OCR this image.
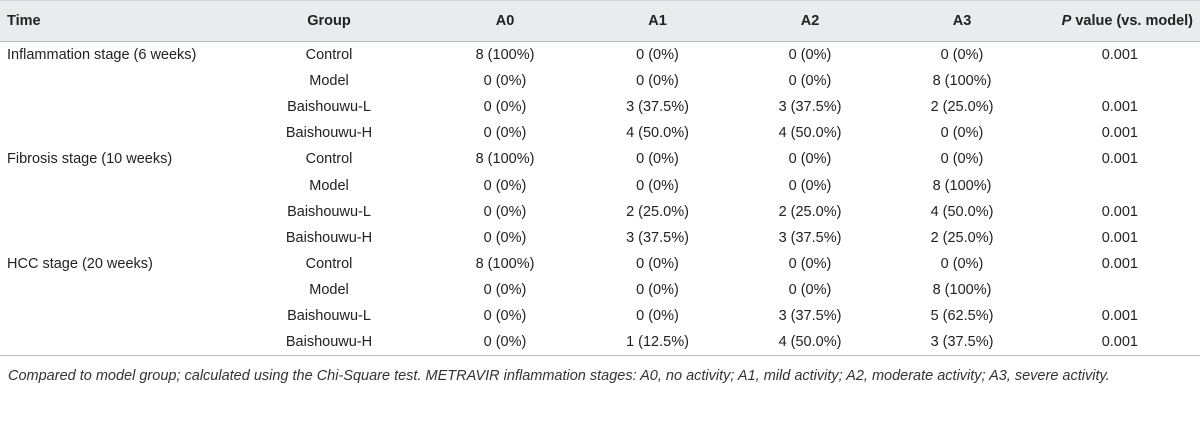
Time	Group	A0	A1	A2	A3	P value (vs. model)
Inflammation stage (6 weeks)	Control	8 (100%)	0 (0%)	0 (0%)	0 (0%)	0.001
	Model	0 (0%)	0 (0%)	0 (0%)	8 (100%)	
	Baishouwu-L	0 (0%)	3 (37.5%)	3 (37.5%)	2 (25.0%)	0.001
	Baishouwu-H	0 (0%)	4 (50.0%)	4 (50.0%)	0 (0%)	0.001
Fibrosis stage (10 weeks)	Control	8 (100%)	0 (0%)	0 (0%)	0 (0%)	0.001
	Model	0 (0%)	0 (0%)	0 (0%)	8 (100%)	
	Baishouwu-L	0 (0%)	2 (25.0%)	2 (25.0%)	4 (50.0%)	0.001
	Baishouwu-H	0 (0%)	3 (37.5%)	3 (37.5%)	2 (25.0%)	0.001
HCC stage (20 weeks)	Control	8 (100%)	0 (0%)	0 (0%)	0 (0%)	0.001
	Model	0 (0%)	0 (0%)	0 (0%)	8 (100%)	
	Baishouwu-L	0 (0%)	0 (0%)	3 (37.5%)	5 (62.5%)	0.001
	Baishouwu-H	0 (0%)	1 (12.5%)	4 (50.0%)	3 (37.5%)	0.001

Compared to model group; calculated using the Chi-Square test. METRAVIR inflammation stages: A0, no activity; A1, mild activity; A2, moderate activity; A3, severe activity.
